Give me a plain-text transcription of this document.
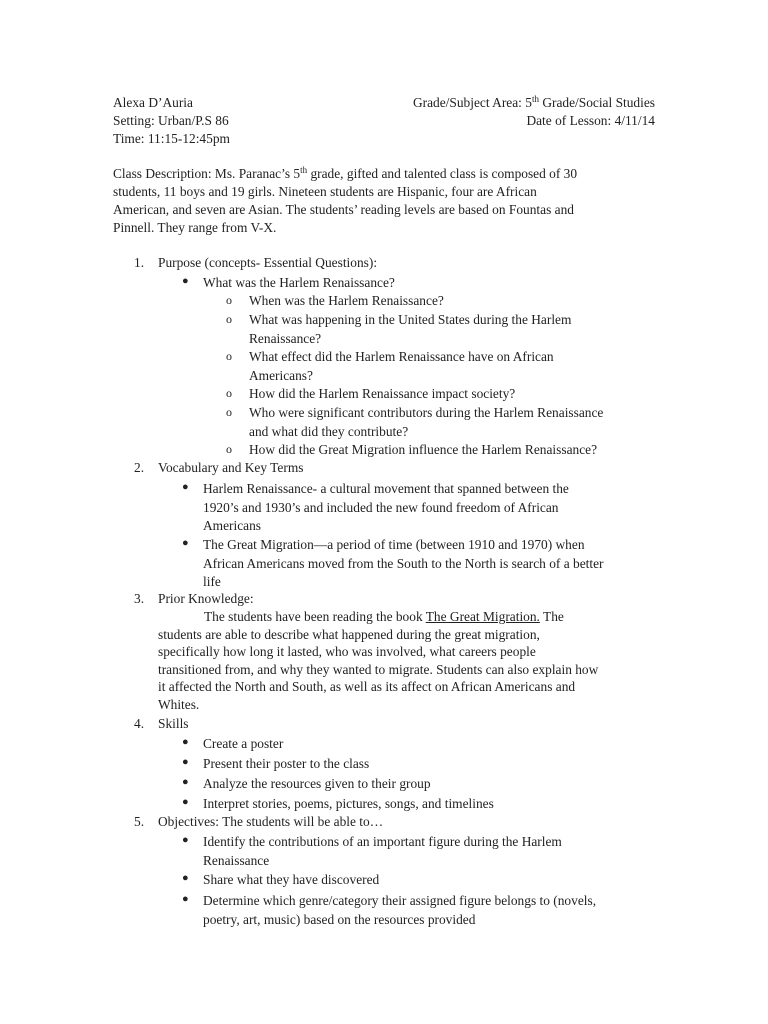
Alexa D’Auria	Grade/Subject Area: 5th Grade/Social Studies
Setting: Urban/P.S 86	Date of Lesson: 4/11/14
Time: 11:15-12:45pm
Class Description: Ms. Paranac’s 5th grade, gifted and talented class is composed of 30
students, 11 boys and 19 girls. Nineteen students are Hispanic, four are African
American, and seven are Asian. The students’ reading levels are based on Fountas and
Pinnell. They range from V-X.
1. Purpose (concepts- Essential Questions):
● What was the Harlem Renaissance?
o When was the Harlem Renaissance?
o What was happening in the United States during the Harlem
Renaissance?
o What effect did the Harlem Renaissance have on African
Americans?
o How did the Harlem Renaissance impact society?
o Who were significant contributors during the Harlem Renaissance
and what did they contribute?
o How did the Great Migration influence the Harlem Renaissance?
2. Vocabulary and Key Terms
● Harlem Renaissance- a cultural movement that spanned between the
1920’s and 1930’s and included the new found freedom of African
Americans
● The Great Migration—a period of time (between 1910 and 1970) when
African Americans moved from the South to the North is search of a better
life
3. Prior Knowledge:
The students have been reading the book The Great Migration. The
students are able to describe what happened during the great migration,
specifically how long it lasted, who was involved, what careers people
transitioned from, and why they wanted to migrate. Students can also explain how
it affected the North and South, as well as its affect on African Americans and
Whites.
4. Skills
● Create a poster
● Present their poster to the class
● Analyze the resources given to their group
● Interpret stories, poems, pictures, songs, and timelines
5. Objectives: The students will be able to…
● Identify the contributions of an important figure during the Harlem
Renaissance
● Share what they have discovered
● Determine which genre/category their assigned figure belongs to (novels,
poetry, art, music) based on the resources provided
